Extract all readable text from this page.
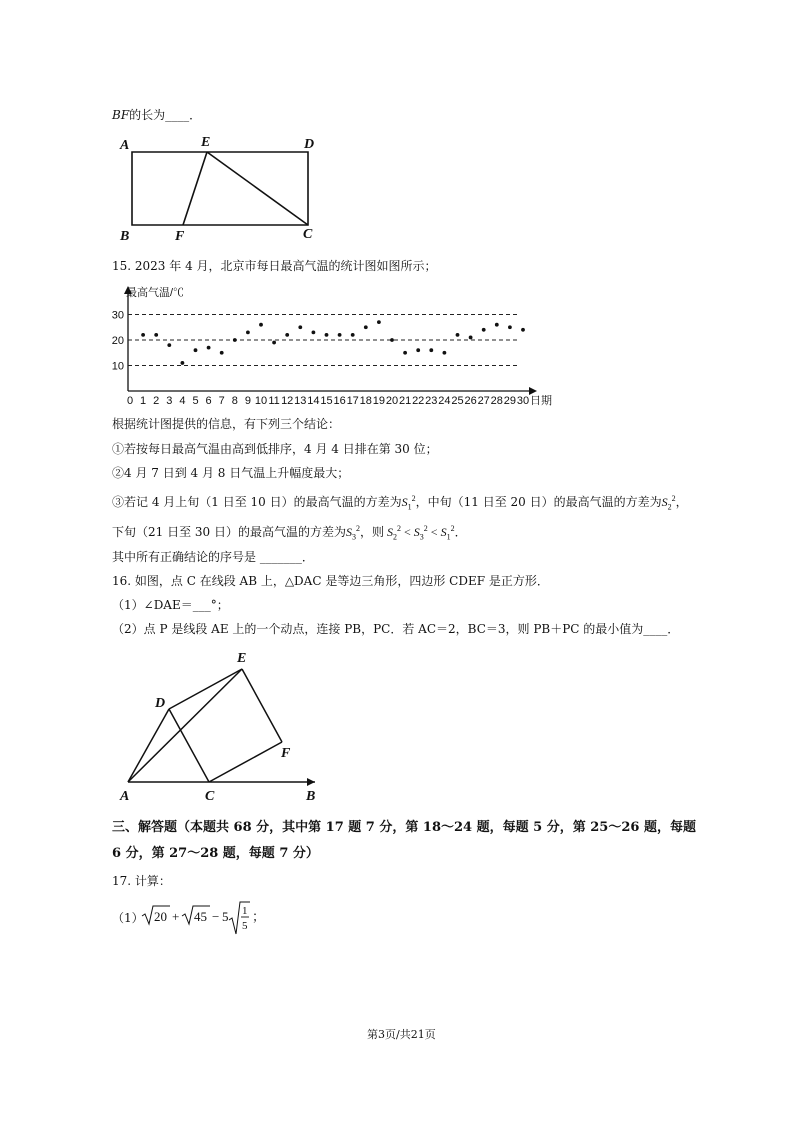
BF的长为____．
A	E	D
B	F	C
15. 2023 年 4 月，北京市每日最高气温的统计图如图所示；
10
20
30
0 1 2 3 4 5 6 7 8 9 10 11 12 13 14 15 16 17 18 19 20 21 22 23 24 25 26 27 28 29 30 日期
最高气温/℃
根据统计图提供的信息，有下列三个结论：
①若按每日最高气温由高到低排序，4 月 4 日排在第 30 位；
②4 月 7 日到 4 月 8 日气温上升幅度最大；
③若记 4 月上旬（1 日至 10 日）的最高气温的方差为$S_1^2$，中旬（11 日至 20 日）的最高气温的方差为$S_2^2$，
下旬（21 日至 30 日）的最高气温的方差为$S_3^2$，则 $S_2^2 < S_3^2 < S_1^2$．
其中所有正确结论的序号是 _______．
16. 如图，点 C 在线段 AB 上，△DAC 是等边三角形，四边形 CDEF 是正方形．
（1）∠DAE＝___°；
（2）点 P 是线段 AE 上的一个动点，连接 PB，PC．若 AC＝2，BC＝3，则 PB＋PC 的最小值为____．
E
D
F
A	C	B
三、解答题（本题共 68 分，其中第 17 题 7 分，第 18～24 题，每题 5 分，第 25～26 题，每题
6 分，第 27～28 题，每题 7 分）
17. 计算：
（1） 20 + 45 − 5 1
5
；
第3页/共21页
